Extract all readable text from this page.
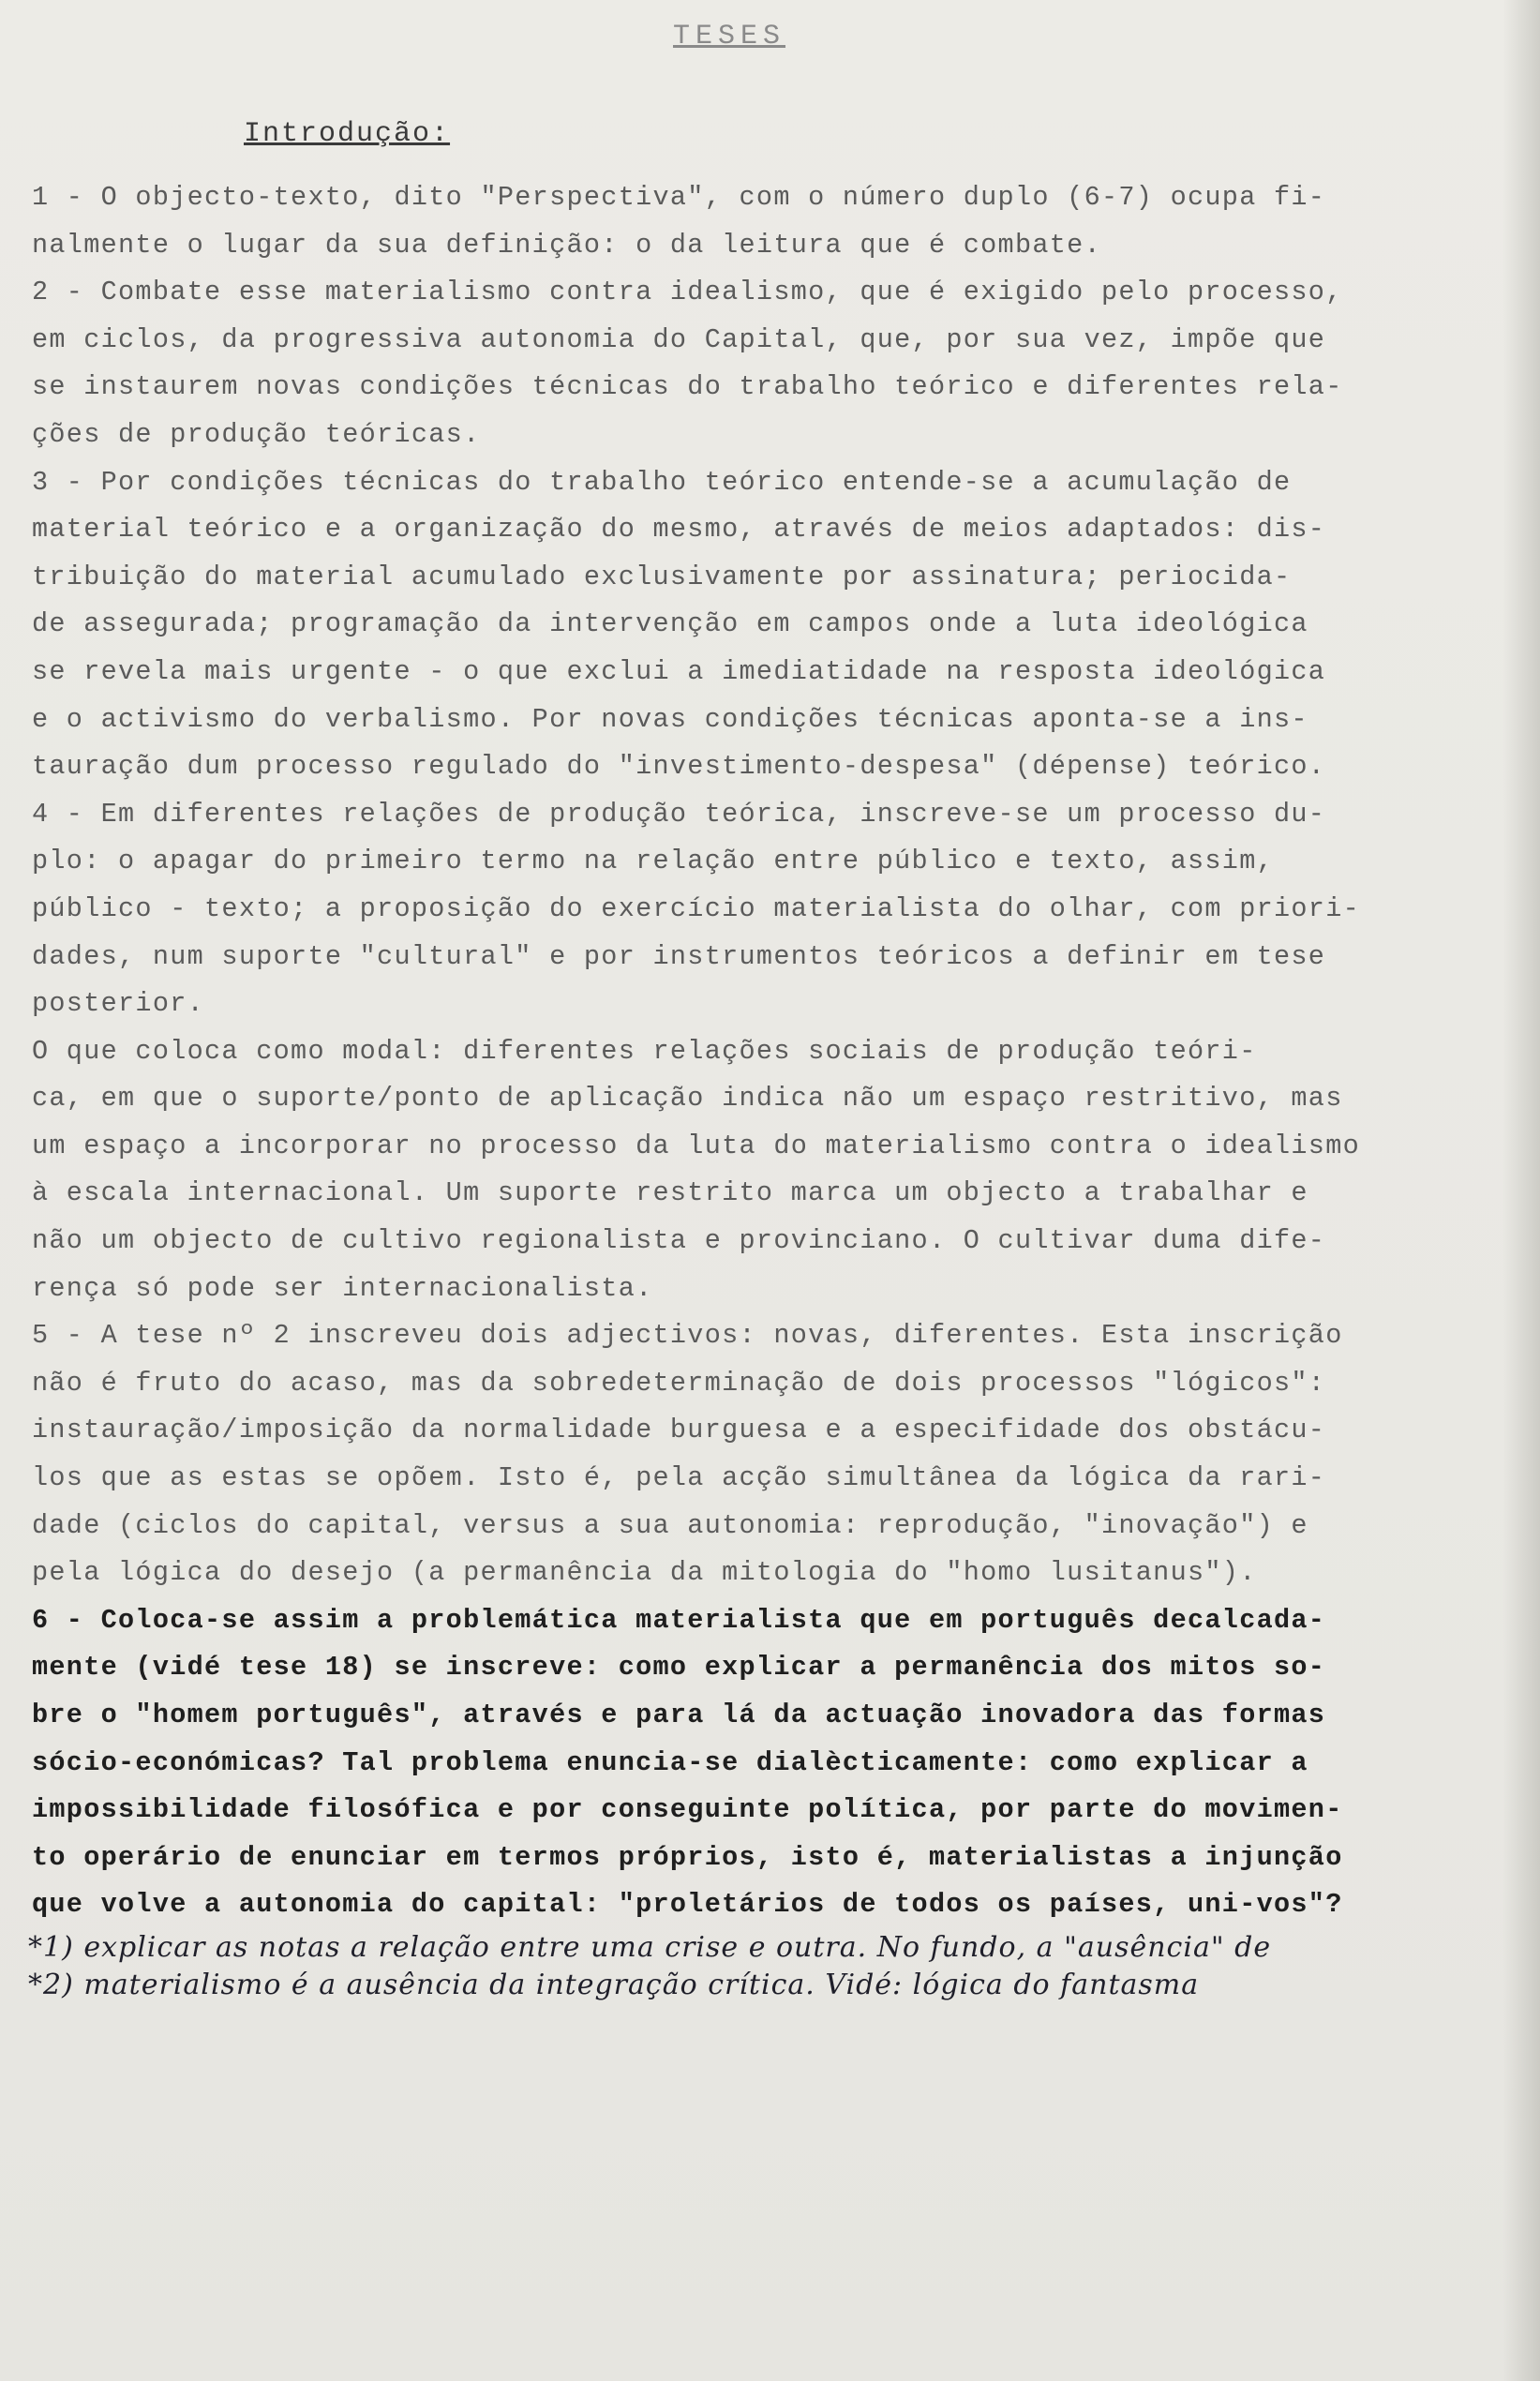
TESES
Introdução:
1 - O objecto-texto, dito "Perspectiva", com o número duplo (6-7) ocupa fi-
nalmente o lugar da sua definição: o da leitura que é combate.
2 - Combate esse materialismo contra idealismo, que é exigido pelo processo,
em ciclos, da progressiva autonomia do Capital, que, por sua vez, impõe que
se instaurem novas condições técnicas do trabalho teórico e diferentes rela-
ções de produção teóricas.
3 - Por condições técnicas do trabalho teórico entende-se a acumulação de
material teórico e a organização do mesmo, através de meios adaptados: dis-
tribuição do material acumulado exclusivamente por assinatura; periocida-
de assegurada; programação da intervenção em campos onde a luta ideológica
se revela mais urgente - o que exclui a imediatidade na resposta ideológica
e o activismo do verbalismo. Por novas condições técnicas aponta-se a ins-
tauração dum processo regulado do "investimento-despesa" (dépense) teórico.
4 - Em diferentes relações de produção teórica, inscreve-se um processo du-
plo: o apagar do primeiro termo na relação entre público e texto, assim,
público - texto; a proposição do exercício materialista do olhar, com priori-
dades, num suporte "cultural" e por instrumentos teóricos a definir em tese
posterior.
O que coloca como modal: diferentes relações sociais de produção teóri-
ca, em que o suporte/ponto de aplicação indica não um espaço restritivo, mas
um espaço a incorporar no processo da luta do materialismo contra o idealismo
à escala internacional. Um suporte restrito marca um objecto a trabalhar e
não um objecto de cultivo regionalista e provinciano. O cultivar duma dife-
rença só pode ser internacionalista.
5 - A tese nº 2 inscreveu dois adjectivos: novas, diferentes. Esta inscrição
não é fruto do acaso, mas da sobredeterminação de dois processos "lógicos":
instauração/imposição da normalidade burguesa e a especifidade dos obstácu-
los que as estas se opõem. Isto é, pela acção simultânea da lógica da rari-
dade (ciclos do capital, versus a sua autonomia: reprodução, "inovação") e
pela lógica do desejo (a permanência da mitologia do "homo lusitanus").
6 - Coloca-se assim a problemática materialista que em português decalcada-
mente (vidé tese 18) se inscreve: como explicar a permanência dos mitos so-
bre o "homem português", através e para lá da actuação inovadora das formas
sócio-económicas? Tal problema enuncia-se dialècticamente: como explicar a
impossibilidade filosófica e por conseguinte política, por parte do movimen-
to operário de enunciar em termos próprios, isto é, materialistas a injunção
que volve a autonomia do capital: "proletários de todos os países, uni-vos"?
*1) explicar as notas a relação entre uma crise e outra. No fundo, a "ausência" de
*2) materialismo é a ausência da integração crítica. Vidé: lógica do fantasma
